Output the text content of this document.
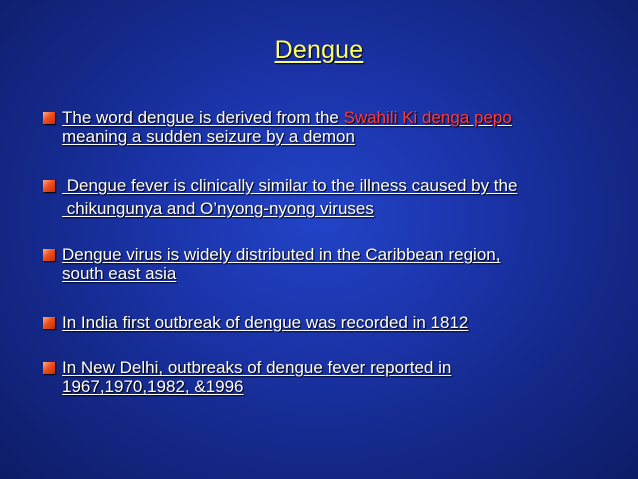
Dengue
The word dengue is derived from the Swahili Ki denga pepo
meaning a sudden seizure by a demon
Dengue fever is clinically similar to the illness caused by the
chikungunya and O’nyong-nyong viruses
Dengue virus is widely distributed in the Caribbean region,
south east asia
In India first outbreak of dengue was recorded in 1812
In New Delhi, outbreaks of dengue fever reported in
1967,1970,1982, &1996
